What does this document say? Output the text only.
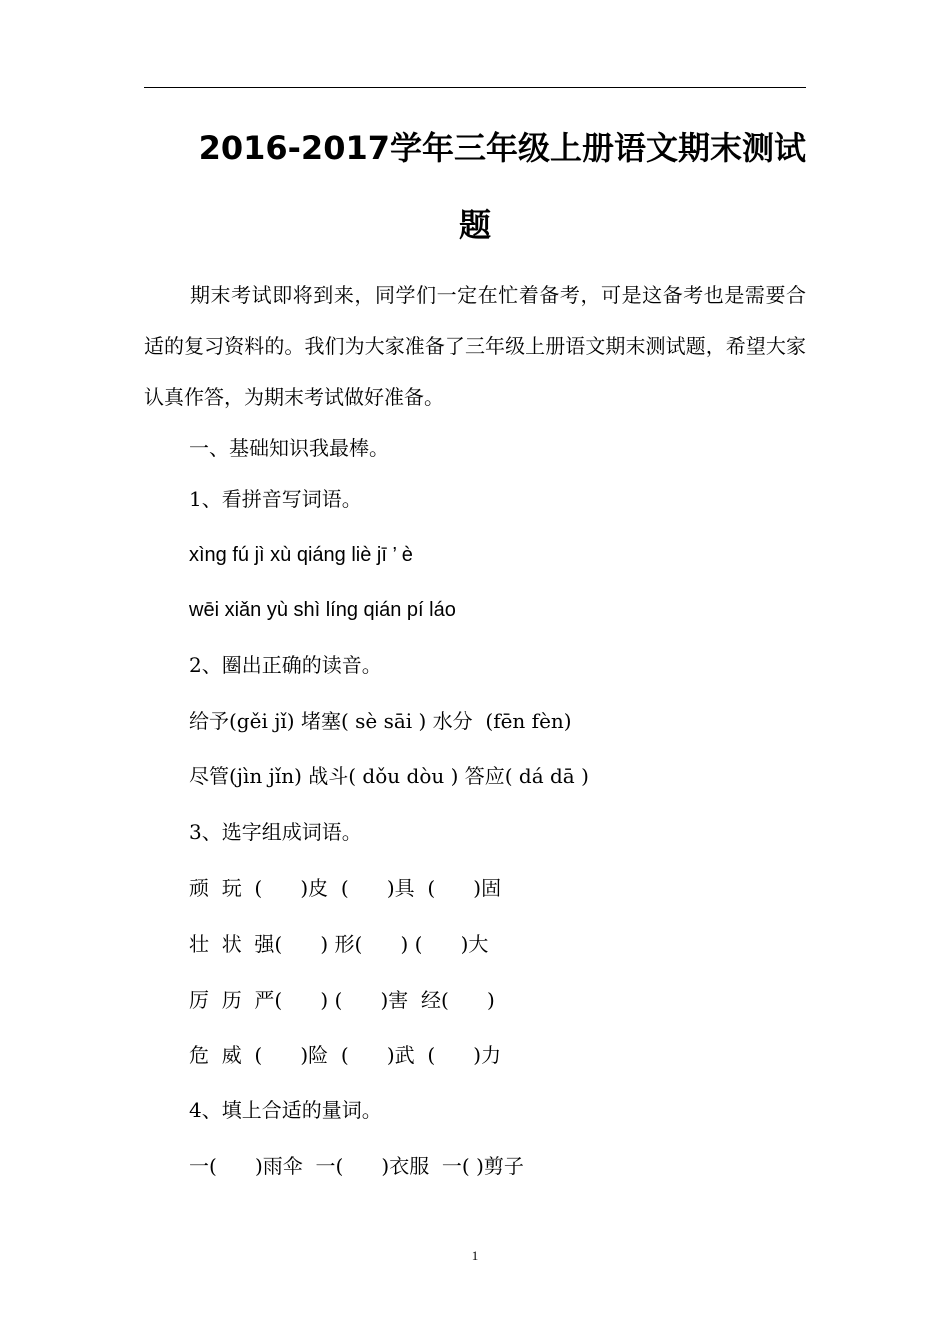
2016-2017学年三年级上册语文期末测试
题
期末考试即将到来，同学们一定在忙着备考，可是这备考也是需要合适的复习资料的。我们为大家准备了三年级上册语文期末测试题，希望大家认真作答，为期末考试做好准备。
一、基础知识我最棒。
1、看拼音写词语。
xìng fú jì xù qiáng liè jī ’ è
wēi xiǎn yù shì líng qián pí láo
2、圈出正确的读音。
给予(gěi jǐ) 堵塞( sè sāi ) 水分  (fēn fèn)
尽管(jìn jǐn) 战斗( dǒu dòu ) 答应( dá dā )
3、选字组成词语。
顽  玩  (      )皮  (      )具  (      )固
壮  状  强(      ) 形(      ) (      )大
厉  历  严(      ) (      )害  经(      )
危  威  (      )险  (      )武  (      )力
4、填上合适的量词。
一(      )雨伞  一(      )衣服  一( )剪子
1
